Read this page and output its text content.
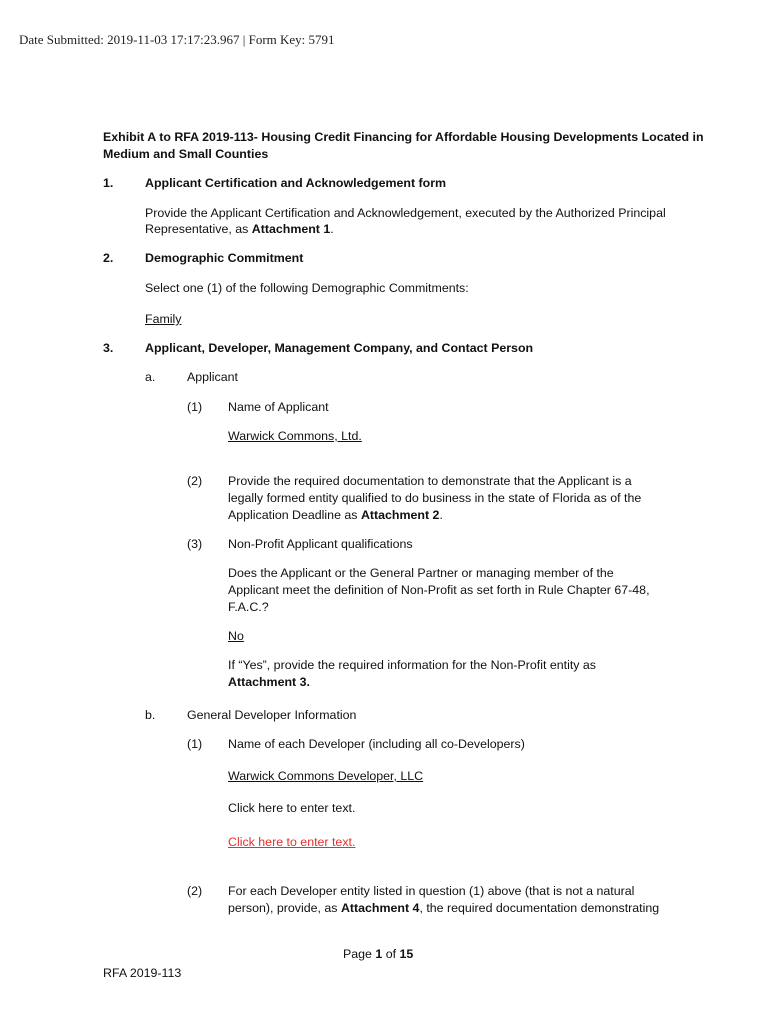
Date Submitted: 2019-11-03 17:17:23.967 | Form Key: 5791
Exhibit A to RFA 2019-113- Housing Credit Financing for Affordable Housing Developments Located in
Medium and Small Counties
1.	Applicant Certification and Acknowledgement form
Provide the Applicant Certification and Acknowledgement, executed by the Authorized Principal
Representative, as Attachment 1.
2.	Demographic Commitment
Select one (1) of the following Demographic Commitments:
Family
3.	Applicant, Developer, Management Company, and Contact Person
a.	Applicant
(1) Name of Applicant
Warwick Commons, Ltd.
(2) Provide the required documentation to demonstrate that the Applicant is a
legally formed entity qualified to do business in the state of Florida as of the
Application Deadline as Attachment 2.
(3) Non-Profit Applicant qualifications
Does the Applicant or the General Partner or managing member of the
Applicant meet the definition of Non-Profit as set forth in Rule Chapter 67-48,
F.A.C.?
No
If “Yes”, provide the required information for the Non-Profit entity as
Attachment 3.
b.	General Developer Information
(1) Name of each Developer (including all co-Developers)
Warwick Commons Developer, LLC
Click here to enter text.
Click here to enter text.
(2) For each Developer entity listed in question (1) above (that is not a natural
person), provide, as Attachment 4, the required documentation demonstrating
Page 1 of 15
RFA 2019-113
